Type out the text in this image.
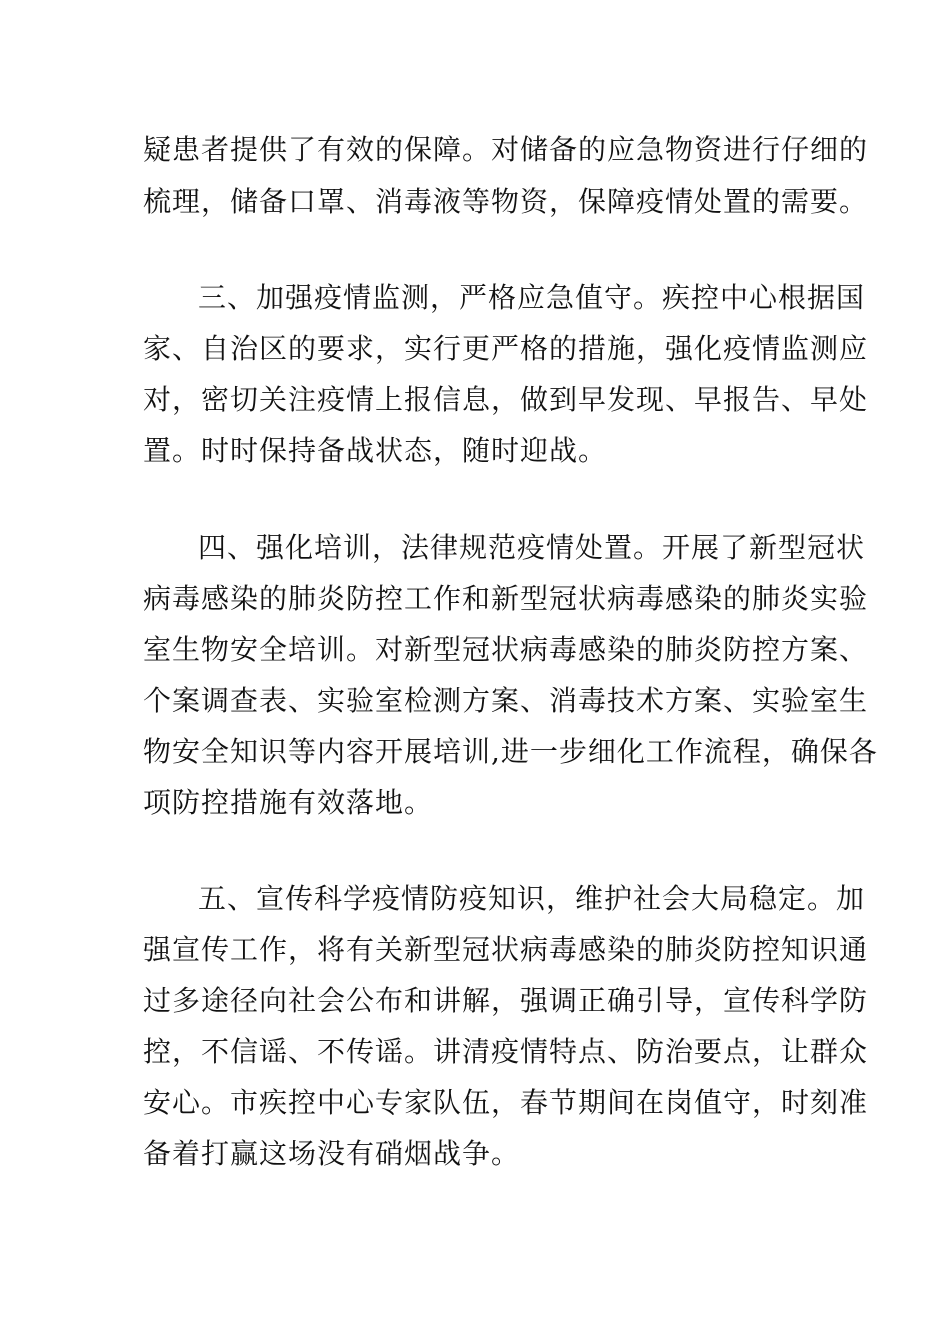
疑患者提供了有效的保障。对储备的应急物资进行仔细的
梳理，储备口罩、消毒液等物资，保障疫情处置的需要。
三、加强疫情监测，严格应急值守。疾控中心根据国
家、自治区的要求，实行更严格的措施，强化疫情监测应
对，密切关注疫情上报信息，做到早发现、早报告、早处
置。时时保持备战状态，随时迎战。
四、强化培训，法律规范疫情处置。开展了新型冠状
病毒感染的肺炎防控工作和新型冠状病毒感染的肺炎实验
室生物安全培训。对新型冠状病毒感染的肺炎防控方案、
个案调查表、实验室检测方案、消毒技术方案、实验室生
物安全知识等内容开展培训,进一步细化工作流程，确保各
项防控措施有效落地。
五、宣传科学疫情防疫知识，维护社会大局稳定。加
强宣传工作，将有关新型冠状病毒感染的肺炎防控知识通
过多途径向社会公布和讲解，强调正确引导，宣传科学防
控，不信谣、不传谣。讲清疫情特点、防治要点，让群众
安心。市疾控中心专家队伍，春节期间在岗值守，时刻准
备着打赢这场没有硝烟战争。
